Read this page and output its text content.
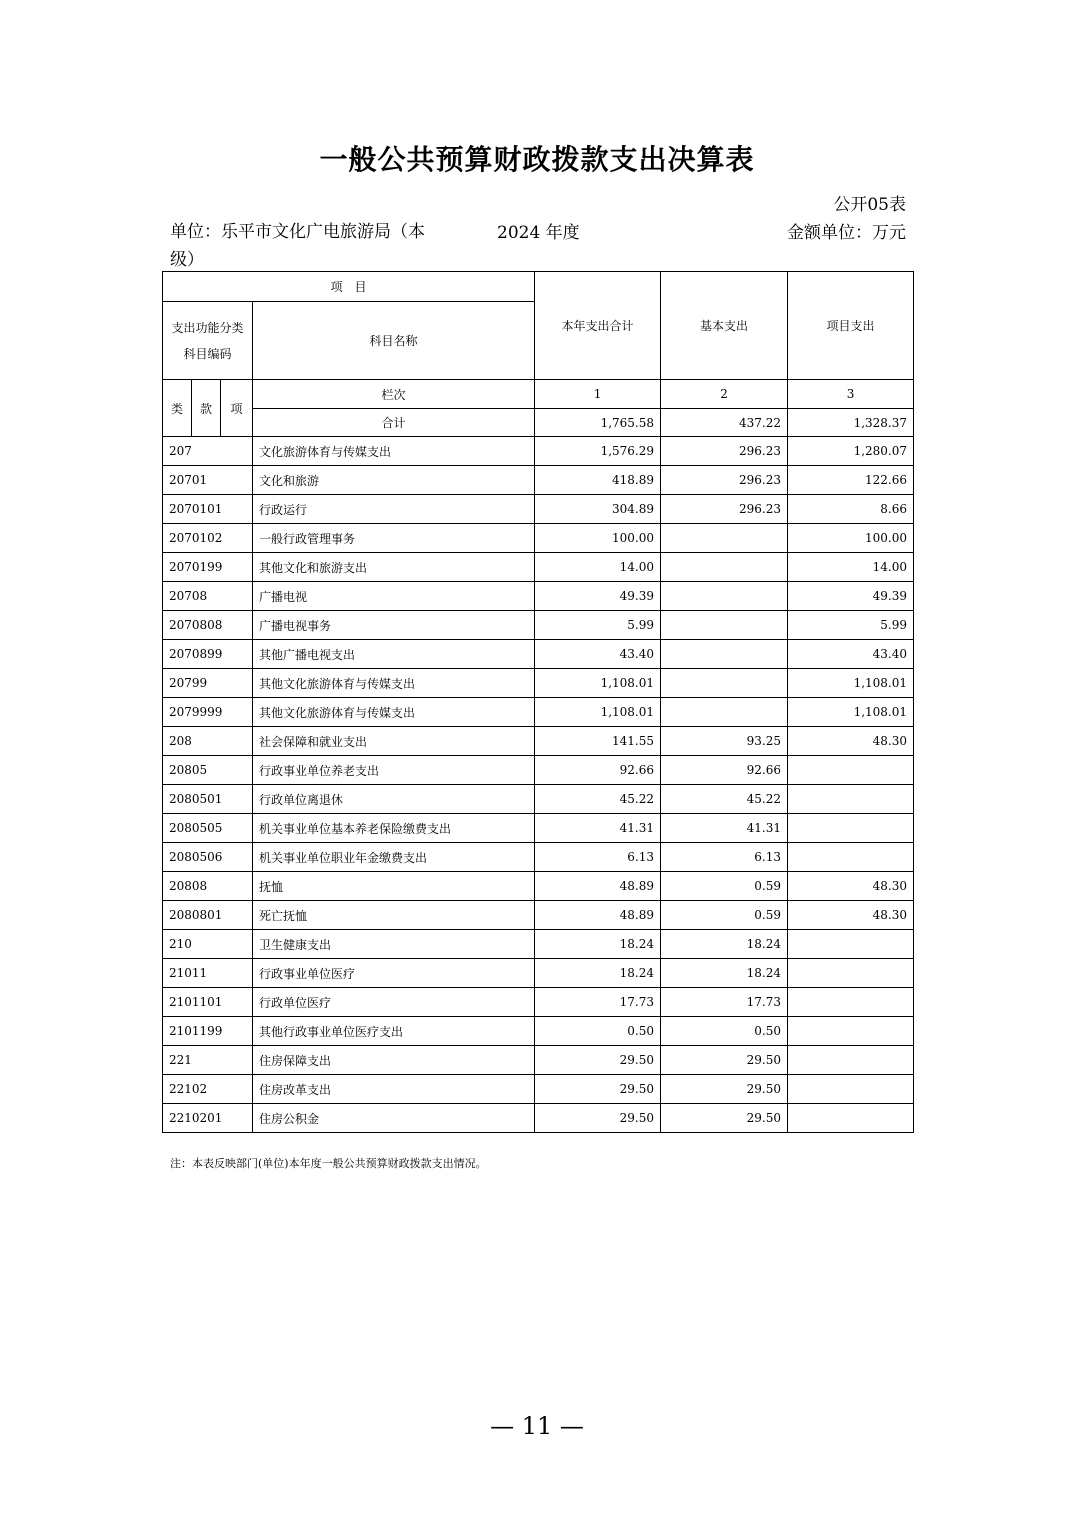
一般公共预算财政拨款支出决算表
公开05表
单位：乐平市文化广电旅游局（本级）
2024 年度	金额单位：万元
项　目				本年支出合计	基本支出	项目支出

支出功能分类
科目编码			科目名称			
类	款	项	栏次	1	2	3
			合计	1,765.58	437.22	1,328.37
207			文化旅游体育与传媒支出	1,576.29	296.23	1,280.07
20701			文化和旅游	418.89	296.23	122.66
2070101			行政运行	304.89	296.23	8.66
2070102			一般行政管理事务	100.00		100.00
2070199			其他文化和旅游支出	14.00		14.00
20708			广播电视	49.39		49.39
2070808			广播电视事务	5.99		5.99
2070899			其他广播电视支出	43.40		43.40
20799			其他文化旅游体育与传媒支出	1,108.01		1,108.01
2079999			其他文化旅游体育与传媒支出	1,108.01		1,108.01
208			社会保障和就业支出	141.55	93.25	48.30
20805			行政事业单位养老支出	92.66	92.66	
2080501			行政单位离退休	45.22	45.22	
2080505			机关事业单位基本养老保险缴费支出	41.31	41.31	
2080506			机关事业单位职业年金缴费支出	6.13	6.13	
20808			抚恤	48.89	0.59	48.30
2080801			死亡抚恤	48.89	0.59	48.30
210			卫生健康支出	18.24	18.24	
21011			行政事业单位医疗	18.24	18.24	
2101101			行政单位医疗	17.73	17.73	
2101199			其他行政事业单位医疗支出	0.50	0.50	
221			住房保障支出	29.50	29.50	
22102			住房改革支出	29.50	29.50	
2210201			住房公积金	29.50	29.50	
注：本表反映部门(单位)本年度一般公共预算财政拨款支出情况。
— 11 —
